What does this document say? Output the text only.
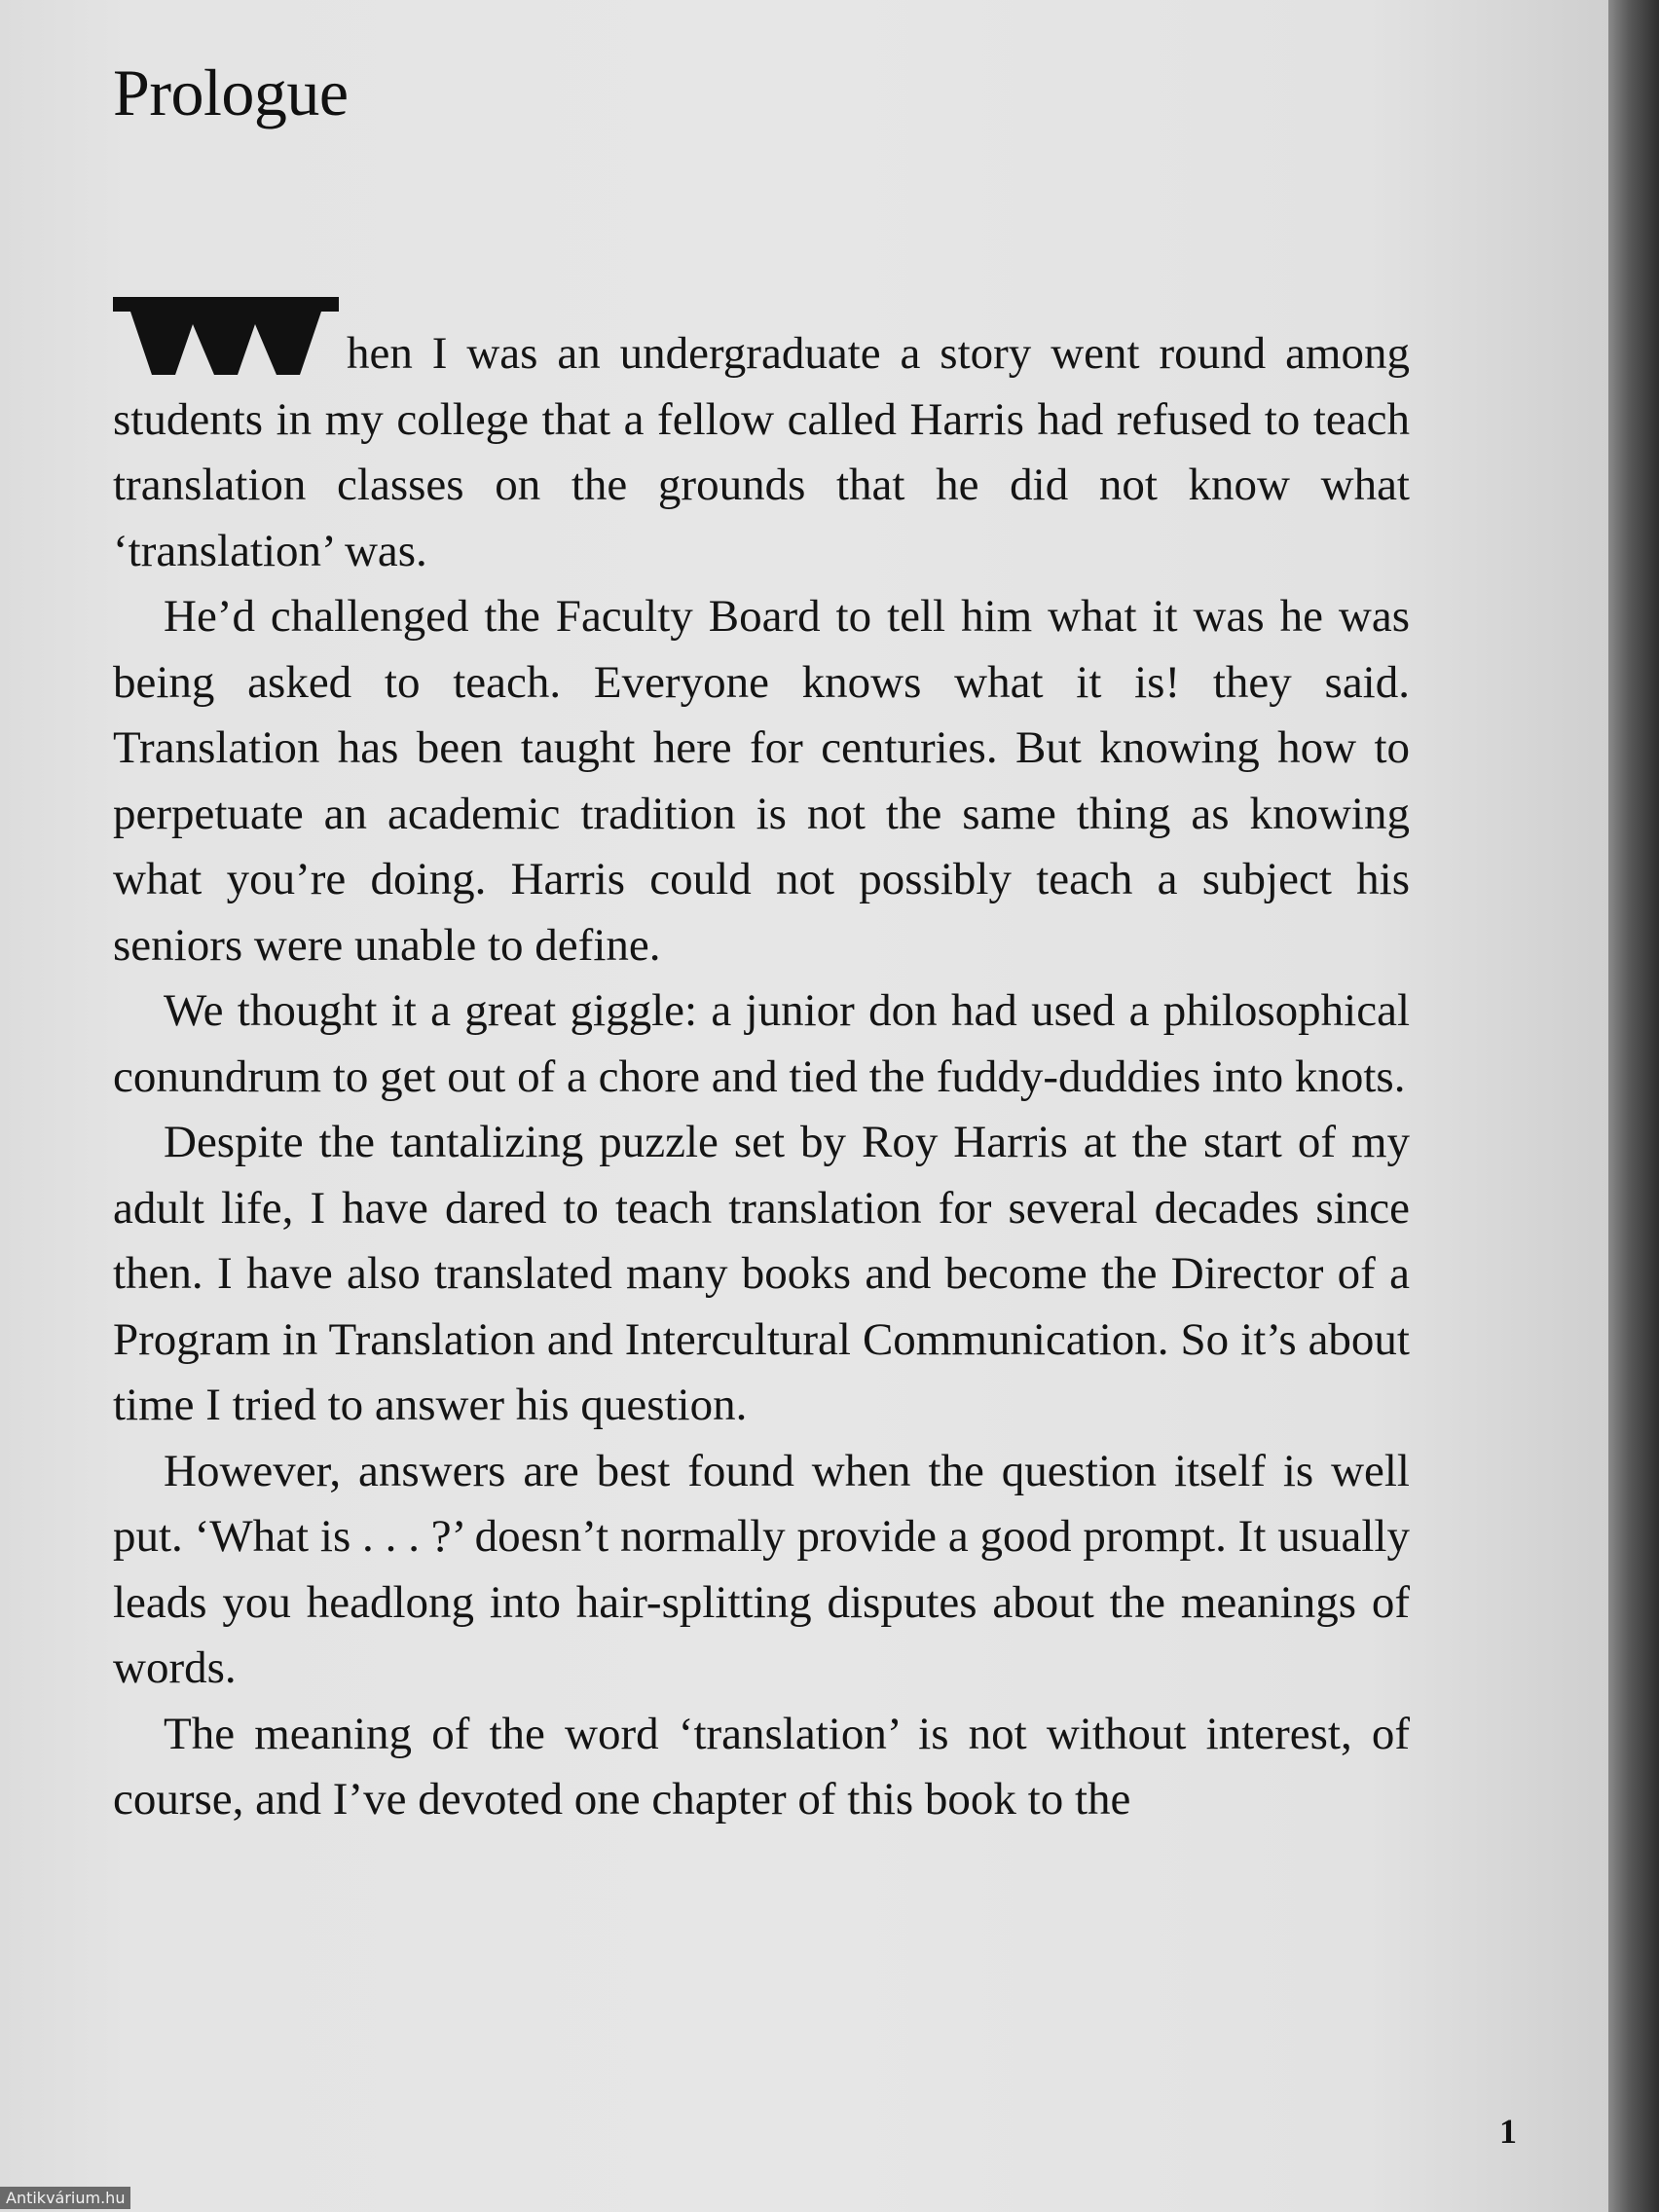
Prologue

hen I was an undergraduate a story went round among students in my college that a fellow called Harris had refused to teach translation classes on the grounds that he did not know what ‘translation’ was.

He’d challenged the Faculty Board to tell him what it was he was being asked to teach. Everyone knows what it is! they said. Translation has been taught here for centuries. But knowing how to perpetuate an academic tradition is not the same thing as knowing what you’re doing. Harris could not possibly teach a subject his seniors were unable to define.

We thought it a great giggle: a junior don had used a philosophical conundrum to get out of a chore and tied the fuddy-duddies into knots.

Despite the tantalizing puzzle set by Roy Harris at the start of my adult life, I have dared to teach translation for several decades since then. I have also translated many books and become the Director of a Program in Translation and Intercultural Communication. So it’s about time I tried to answer his question.

However, answers are best found when the question itself is well put. ‘What is . . . ?’ doesn’t normally provide a good prompt. It usually leads you headlong into hair-splitting disputes about the meanings of words.

The meaning of the word ‘translation’ is not without interest, of course, and I’ve devoted one chapter of this book to the

1
Antikvárium.hu
